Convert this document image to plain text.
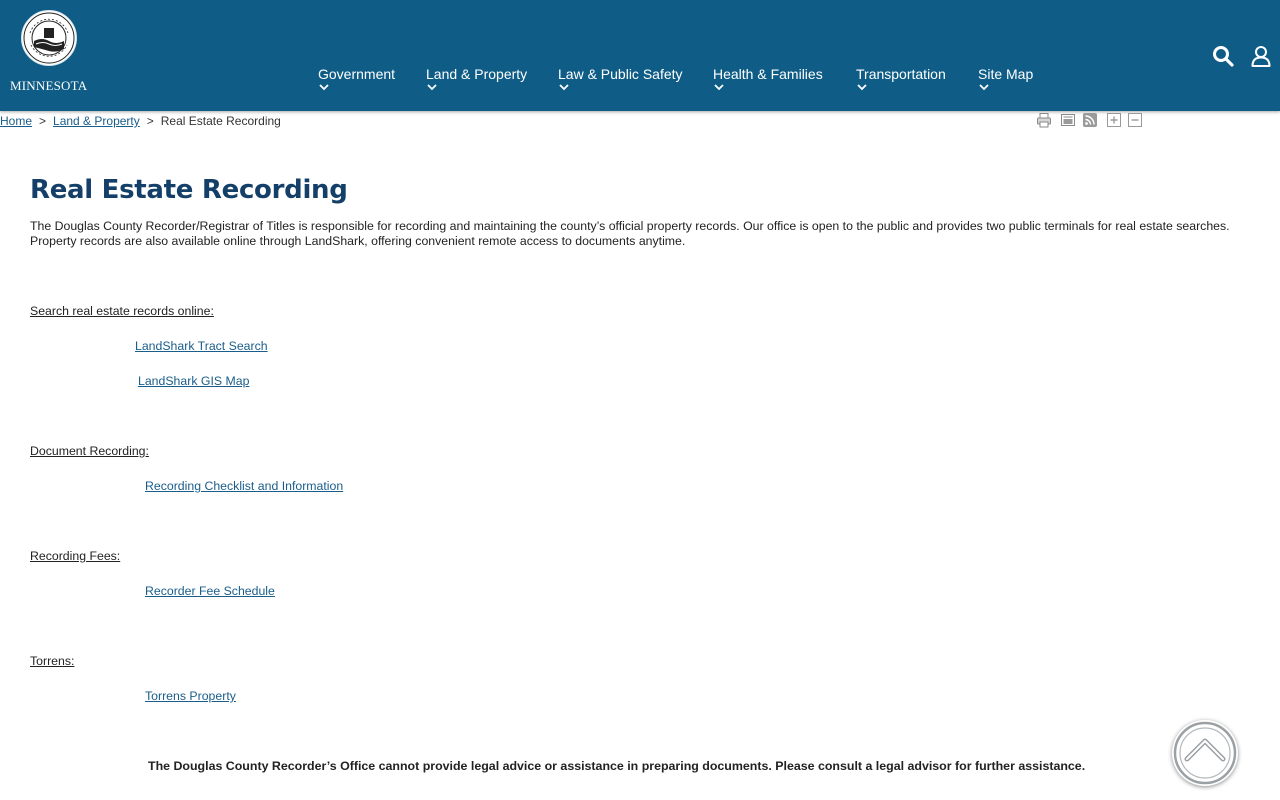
MINNESOTA
Government Land & Property Law & Public Safety Health & Families Transportation Site Map
Home > Land & Property > Real Estate Recording
Real Estate Recording

The Douglas County Recorder/Registrar of Titles is responsible for recording and maintaining the county’s official property records. Our office is open to the public and provides two public terminals for real estate searches. Property records are also available online through LandShark, offering convenient remote access to documents anytime.

Search real estate records online:
LandShark Tract Search
LandShark GIS Map
Document Recording:
Recording Checklist and Information
Recording Fees:
Recorder Fee Schedule
Torrens:
Torrens Property
The Douglas County Recorder’s Office cannot provide legal advice or assistance in preparing documents. Please consult a legal advisor for further assistance.
